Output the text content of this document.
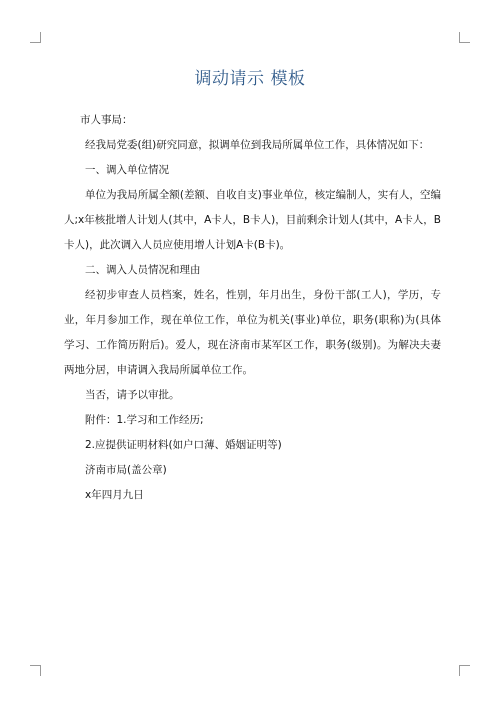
调动请示 模板

市人事局：

经我局党委(组)研究同意，拟调单位到我局所属单位工作，具体情况如下：

一、调入单位情况

单位为我局所属全额(差额、自收自支)事业单位，核定编制人，实有人，空编人;x年核批增人计划人(其中，A卡人，B卡人)，目前剩余计划人(其中，A卡人，B卡人)，此次调入人员应使用增人计划A卡(B卡)。

二、调入人员情况和理由

经初步审查人员档案，姓名，性别，年月出生，身份干部(工人)，学历，专业，年月参加工作，现在单位工作，单位为机关(事业)单位，职务(职称)为(具体学习、工作简历附后)。爱人，现在济南市某军区工作，职务(级别)。为解决夫妻两地分居，申请调入我局所属单位工作。

当否，请予以审批。

附件：1.学习和工作经历;

2.应提供证明材料(如户口薄、婚姻证明等)

济南市局(盖公章)

x年四月九日
